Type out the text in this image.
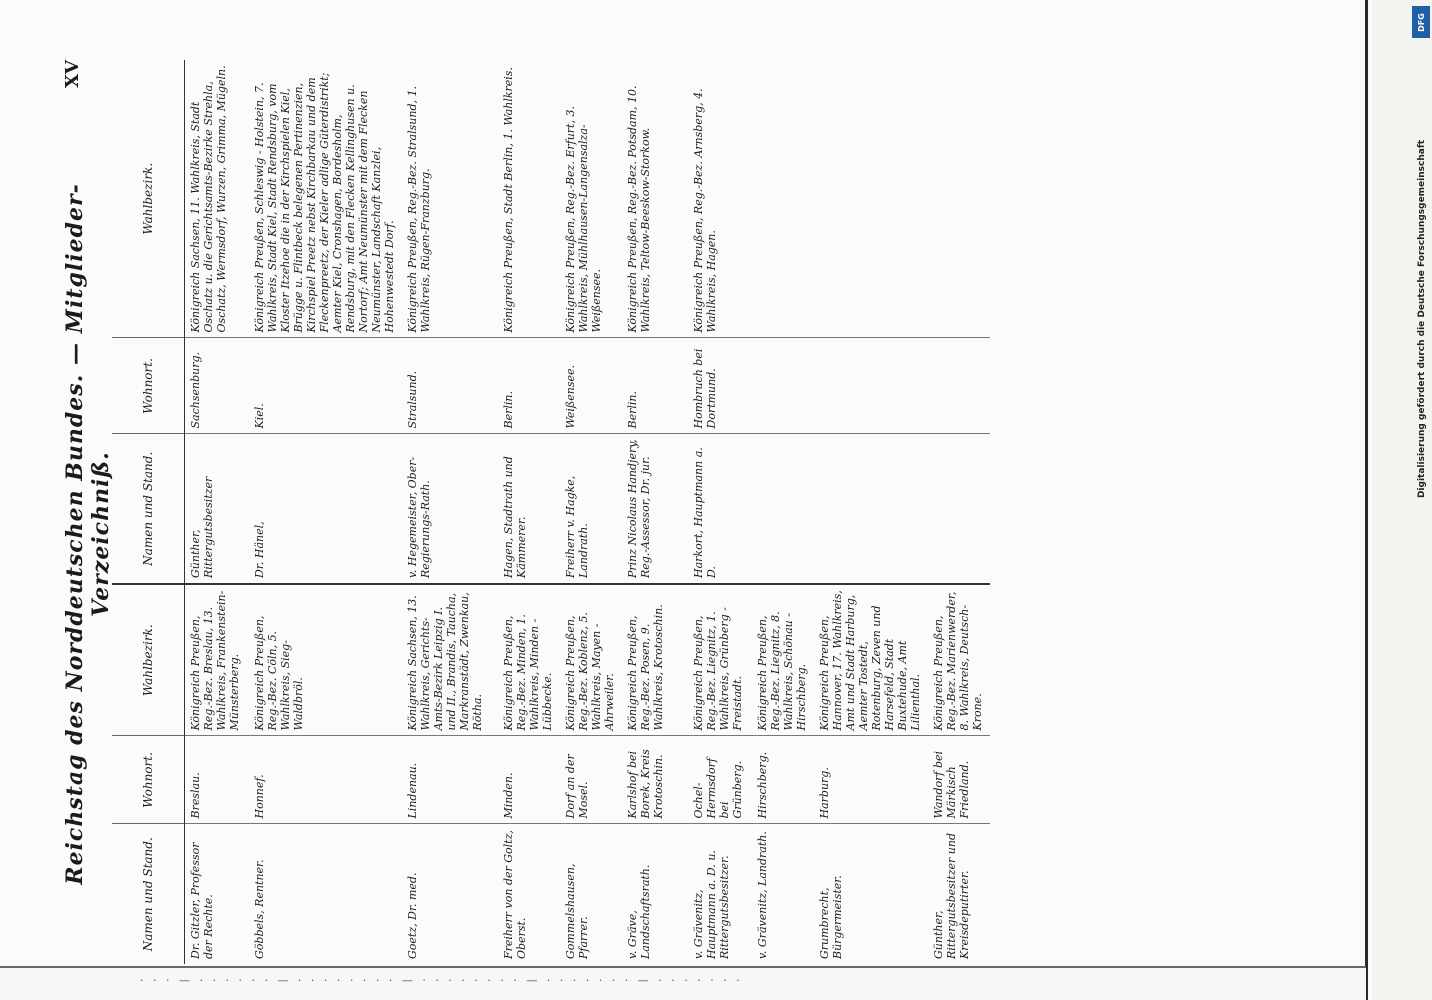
· · · — · · · · · · — · · · · · · · · — · · · · · · · · — · · · · · · · — · · · · · · ·
DFG
Digitalisierung gefördert durch die Deutsche Forschungsgemeinschaft
Reichstag des Norddeutschen Bundes. — Mitglieder-Verzeichniß.
XV
Namen und Stand.	Wohnort.	Wahlbezirk.	Namen und Stand.	Wohnort.	Wahlbezirk.
Dr. Gitzler, Professor der Rechte.	Breslau.	Königreich Preußen, Reg.-Bez. Breslau, 13. Wahlkreis, Frankenstein-Münsterberg.	Günther, Rittergutsbesitzer	Sachsenburg.	Königreich Sachsen, 11. Wahlkreis, Stadt Oschatz u. die Gerichtsamts-Bezirke Strehla, Oschatz, Wermsdorf, Wurzen, Grimma, Mügeln.
Göbbels, Rentner.	Honnef.	Königreich Preußen, Reg.-Bez. Cöln, 5. Wahlkreis, Sieg-Waldbröl.	Dr. Hänel,	Kiel.	Königreich Preußen, Schleswig - Holstein, 7. Wahlkreis, Stadt Kiel, Stadt Rendsburg, vom Kloster Itzehoe die in der Kirchspielen Kiel, Brügge u. Flintbeck belegenen Pertinenzien, Kirchspiel Preetz nebst Kirchbarkau und dem Fleckenpreetz, der Kieler adlige Güterdistrikt; Aemter Kiel, Cronshagen, Bordesholm, Rendsburg, mit den Flecken Kellinghusen u. Nortorf; Amt Neumünster mit dem Flecken Neumünster, Landschaft Kanzlei, Hohenwestedt Dorf.
Goetz, Dr. med.	Lindenau.	Königreich Sachsen, 13. Wahlkreis, Gerichts-Amts-Bezirk Leipzig I. und II., Brandis, Taucha, Markranstädt, Zwenkau, Rötha.	v. Hegemeister, Ober-Regierungs-Rath.	Stralsund.	Königreich Preußen, Reg.-Bez. Stralsund, 1. Wahlkreis, Rügen-Franzburg.
Freiherr von der Goltz, Oberst.	Minden.	Königreich Preußen, Reg.-Bez. Minden, 1. Wahlkreis, Minden - Lübbecke.	Hagen, Stadtrath und Kämmerer.	Berlin.	Königreich Preußen, Stadt Berlin, 1. Wahlkreis.
Gommelshausen, Pfarrer.	Dorf an der Mosel.	Königreich Preußen, Reg.-Bez. Koblenz, 5. Wahlkreis, Mayen - Ahrweiler.	Freiherr v. Hagke, Landrath.	Weißensee.	Königreich Preußen, Reg.-Bez. Erfurt, 3. Wahlkreis, Mühlhausen-Langensalza-Weißensee.
v. Gräve, Landschaftsrath.	Karlshof bei Borek, Kreis Krotoschin.	Königreich Preußen, Reg.-Bez. Posen, 9. Wahlkreis, Krotoschin.	Prinz Nicolaus Handjery, Reg.-Assessor, Dr. jur.	Berlin.	Königreich Preußen, Reg.-Bez. Potsdam, 10. Wahlkreis, Teltow-Beeskow-Storkow.
v. Grävenitz, Hauptmann a. D. u. Rittergutsbesitzer.	Ochel-Hermsdorf bei Grünberg.	Königreich Preußen, Reg.-Bez. Liegnitz, 1. Wahlkreis, Grünberg - Freistadt.	Harkort, Hauptmann a. D.	Hombruch bei Dortmund.	Königreich Preußen, Reg.-Bez. Arnsberg, 4. Wahlkreis, Hagen.
v. Grävenitz, Landrath.	Hirschberg.	Königreich Preußen, Reg.-Bez. Liegnitz, 8. Wahlkreis, Schönau - Hirschberg.			
Grumbrecht, Bürgermeister.	Harburg.	Königreich Preußen, Hannover, 17. Wahlkreis, Amt und Stadt Harburg, Aemter Tostedt, Rotenburg, Zeven und Harsefeld, Stadt Buxtehude, Amt Lilienthal.			
Günther, Rittergutsbesitzer und Kreisdeputirter.	Wandorf bei Märkisch Friedland.	Königreich Preußen, Reg.-Bez. Marienwerder, 8. Wahlkreis, Deutsch-Krone.			
